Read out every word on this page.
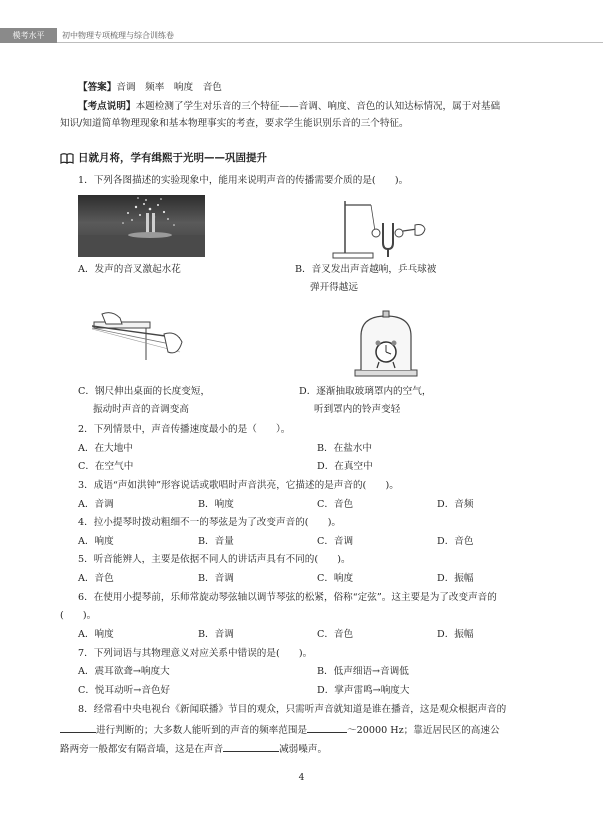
模考水平	初中物理专项梳理与综合训练卷
【答案】音调　频率　响度　音色
【考点说明】本题检测了学生对乐音的三个特征——音调、响度、音色的认知达标情况，属于对基础
知识/知道简单物理现象和基本物理事实的考查，要求学生能识别乐音的三个特征。
日就月将，学有缉熙于光明——巩固提升
1．下列各图描述的实验现象中，能用来说明声音的传播需要介质的是(　　)。
A．发声的音叉激起水花	B．音叉发出声音越响，乒乓球被
弹开得越远
C．钢尺伸出桌面的长度变短，
振动时声音的音调变高
D．逐渐抽取玻璃罩内的空气，
听到罩内的铃声变轻
2．下列情景中，声音传播速度最小的是（　　）。
A．在大地中	B．在盐水中
C．在空气中	D．在真空中
3．成语“声如洪钟”形容说话或歌唱时声音洪亮，它描述的是声音的(　　)。
A．音调	B．响度	C．音色	D．音频
4．拉小提琴时拨动粗细不一的琴弦是为了改变声音的(　　)。
A．响度	B．音量	C．音调	D．音色
5．听音能辨人，主要是依据不同人的讲话声具有不同的(　　)。
A．音色	B．音调	C．响度	D．振幅
6．在使用小提琴前，乐师常旋动琴弦轴以调节琴弦的松紧，俗称“定弦”。这主要是为了改变声音的
(　　)。
A．响度	B．音调	C．音色	D．振幅
7．下列词语与其物理意义对应关系中错误的是(　　)。
A．震耳欲聋→响度大	B．低声细语→音调低
C．悦耳动听→音色好	D．掌声雷鸣→响度大
8．经常看中央电视台《新闻联播》节目的观众，只需听声音就知道是谁在播音，这是观众根据声音的
进行判断的；大多数人能听到的声音的频率范围是	～20000 Hz；靠近居民区的高速公
路两旁一般都安有隔音墙，这是在声音	减弱噪声。
4
